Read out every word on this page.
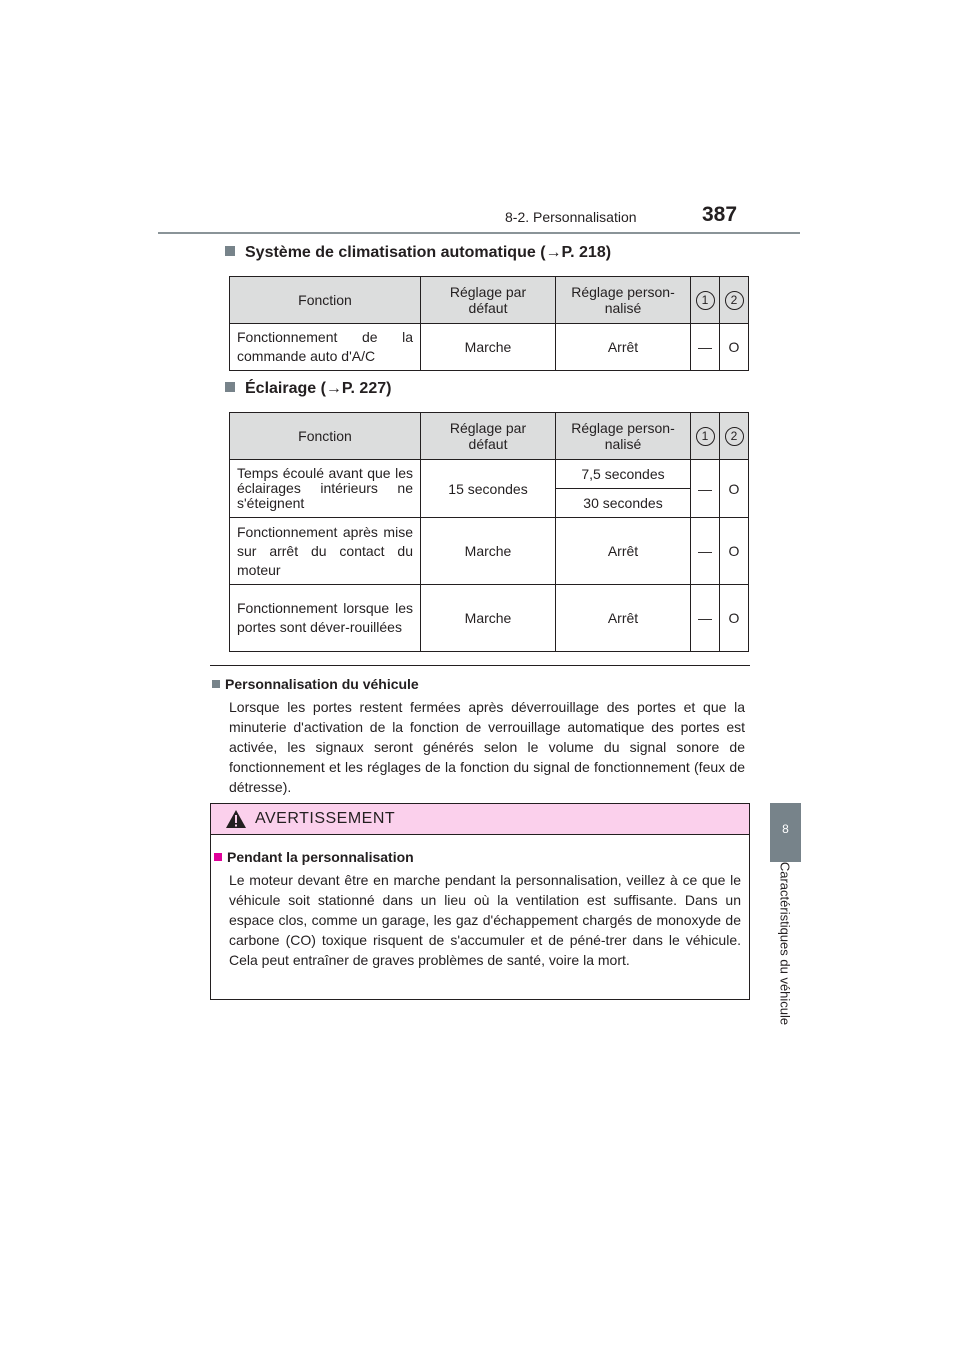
8-2. Personnalisation	387
8
Caractéristiques du véhicule
Système de climatisation automatique (→P. 218)
Fonction	Réglage par défaut	Réglage person-nalisé	1	2
Fonctionnement de la commande auto d'A/C	Marche	Arrêt	—	O
Éclairage (→P. 227)
Fonction	Réglage par défaut	Réglage person-nalisé	1	2
Temps écoulé avant que les éclairages intérieurs ne s'éteignent	15 secondes	7,5 secondes	—	O
		30 secondes		
Fonctionnement après mise sur arrêt du contact du moteur	Marche	Arrêt	—	O
Fonctionnement lorsque les portes sont déver-rouillées	Marche	Arrêt	—	O
Personnalisation du véhicule
Lorsque les portes restent fermées après déverrouillage des portes et que la minuterie d'activation de la fonction de verrouillage automatique des portes est activée, les signaux seront générés selon le volume du signal sonore de fonctionnement et les réglages de la fonction du signal de fonctionnement (feux de détresse).
AVERTISSEMENT
Pendant la personnalisation
Le moteur devant être en marche pendant la personnalisation, veillez à ce que le véhicule soit stationné dans un lieu où la ventilation est suffisante. Dans un espace clos, comme un garage, les gaz d'échappement chargés de monoxyde de carbone (CO) toxique risquent de s'accumuler et de péné-trer dans le véhicule. Cela peut entraîner de graves problèmes de santé, voire la mort.
